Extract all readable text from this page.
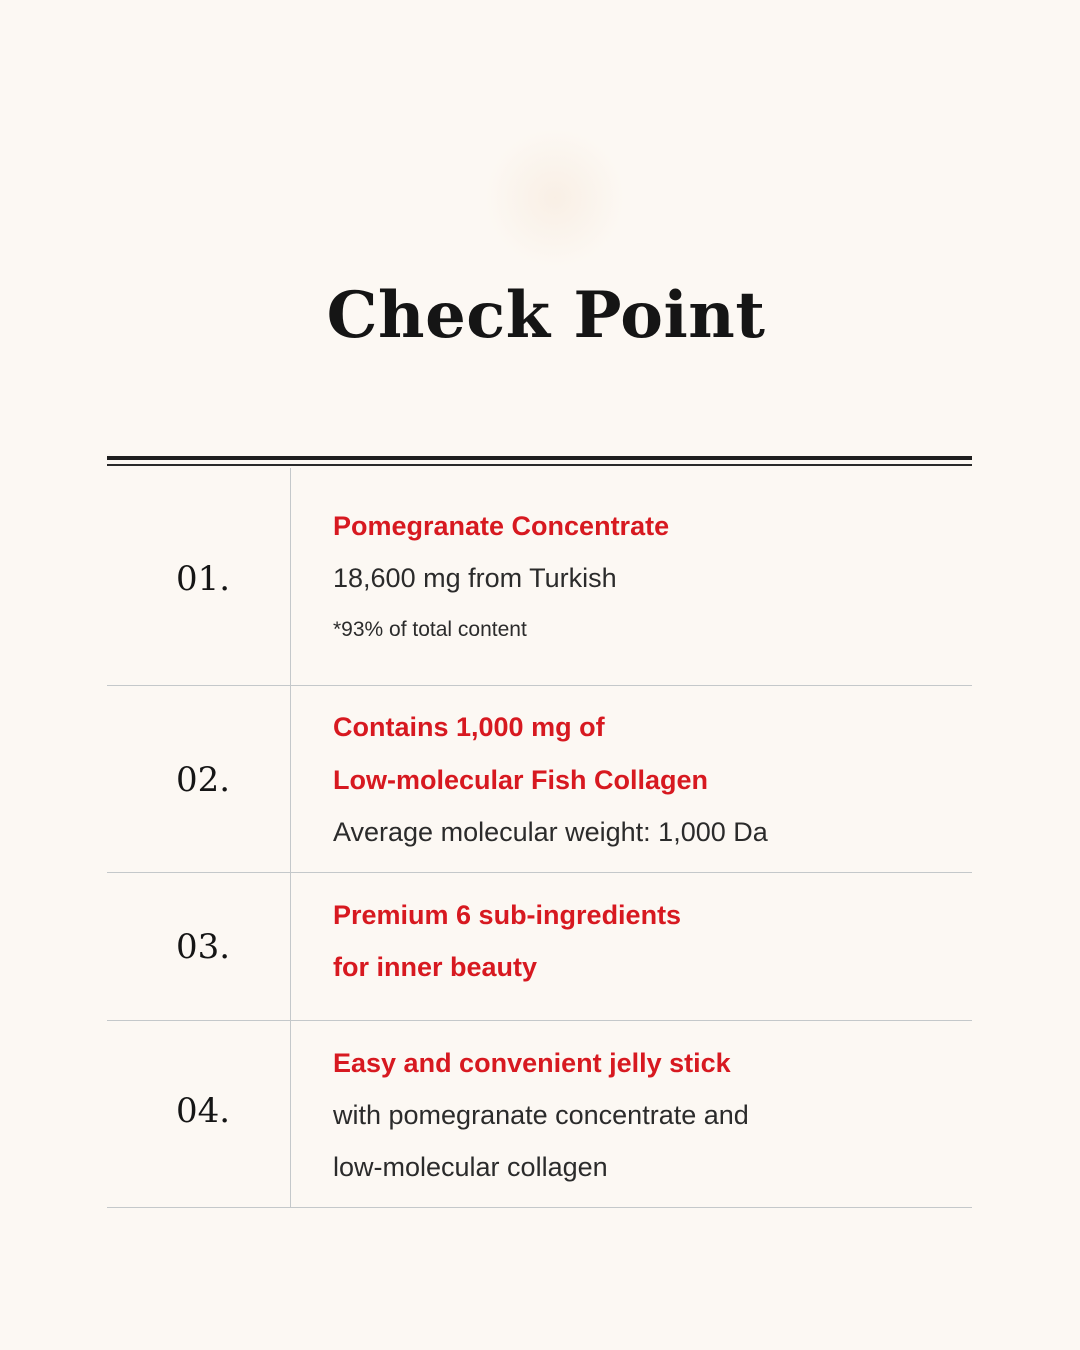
Check Point
01.
Pomegranate Concentrate
18,600 mg from Turkish
*93% of total content
02.
Contains 1,000 mg of
Low-molecular Fish Collagen
Average molecular weight: 1,000 Da
03.
Premium 6 sub-ingredients
for inner beauty
04.
Easy and convenient jelly stick
with pomegranate concentrate and
low-molecular collagen
